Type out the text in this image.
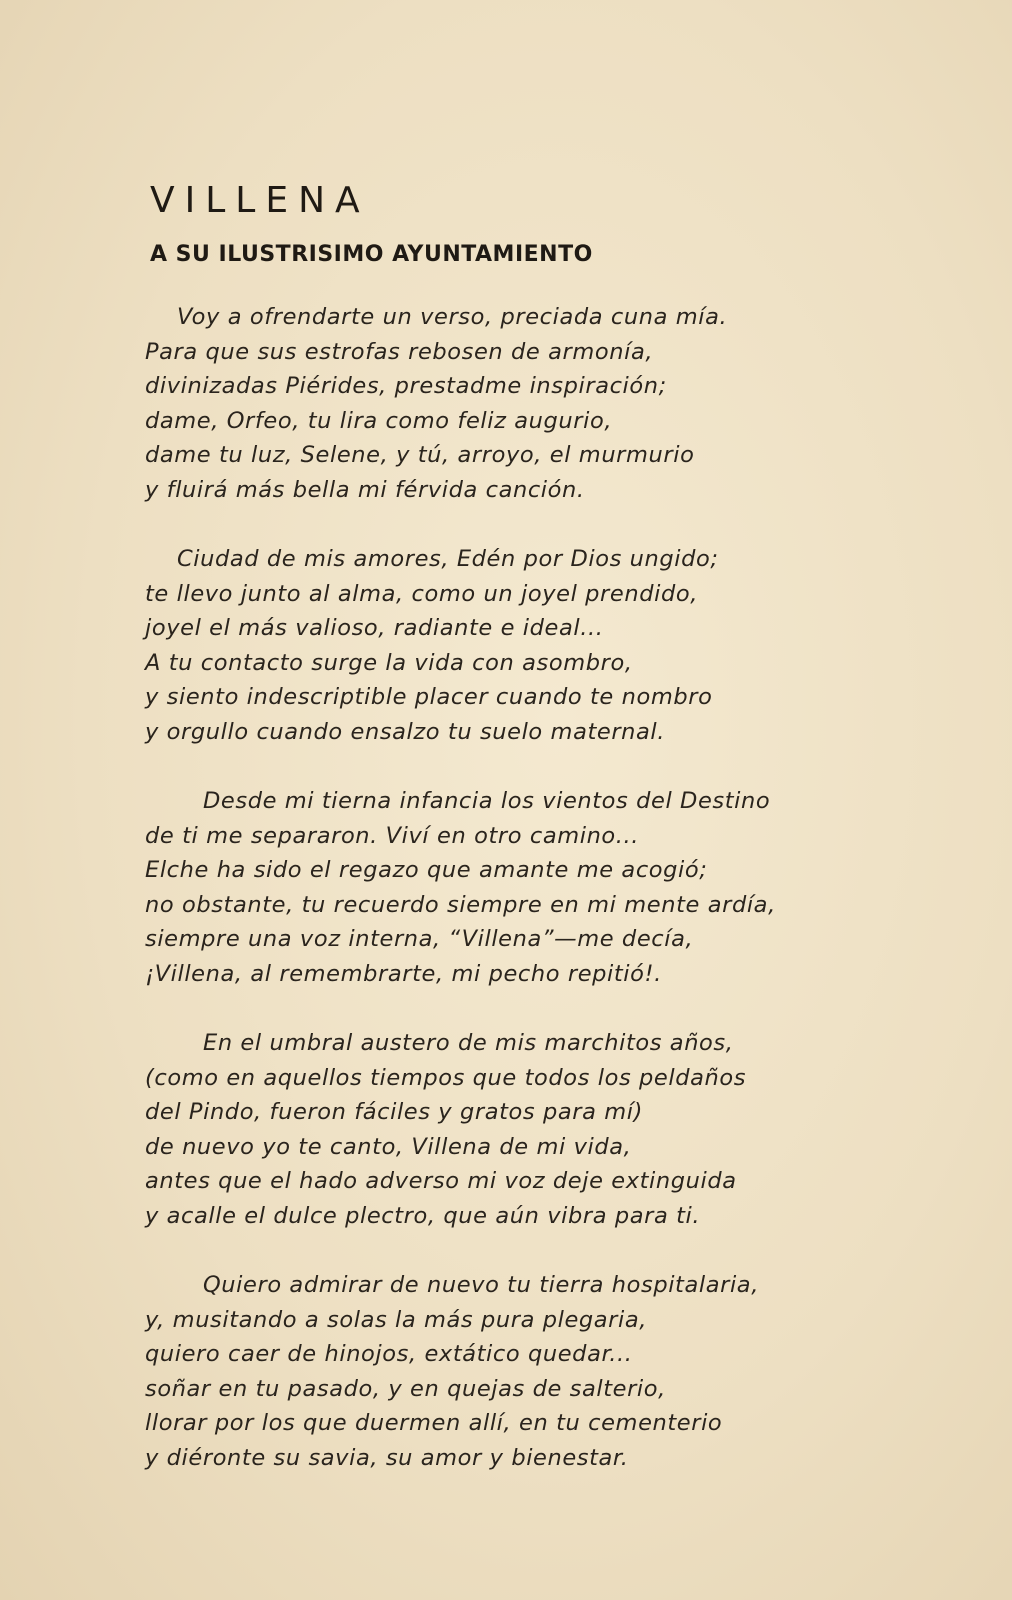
VILLENA
A SU ILUSTRISIMO AYUNTAMIENTO
Voy a ofrendarte un verso, preciada cuna mía.
Para que sus estrofas rebosen de armonía,
divinizadas Piérides, prestadme inspiración;
dame, Orfeo, tu lira como feliz augurio,
dame tu luz, Selene, y tú, arroyo, el murmurio
y fluirá más bella mi férvida canción.
Ciudad de mis amores, Edén por Dios ungido;
te llevo junto al alma, como un joyel prendido,
joyel el más valioso, radiante e ideal...
A tu contacto surge la vida con asombro,
y siento indescriptible placer cuando te nombro
y orgullo cuando ensalzo tu suelo maternal.
Desde mi tierna infancia los vientos del Destino
de ti me separaron. Viví en otro camino...
Elche ha sido el regazo que amante me acogió;
no obstante, tu recuerdo siempre en mi mente ardía,
siempre una voz interna, “Villena”—me decía,
¡Villena, al remembrarte, mi pecho repitió!.
En el umbral austero de mis marchitos años,
(como en aquellos tiempos que todos los peldaños
del Pindo, fueron fáciles y gratos para mí)
de nuevo yo te canto, Villena de mi vida,
antes que el hado adverso mi voz deje extinguida
y acalle el dulce plectro, que aún vibra para ti.
Quiero admirar de nuevo tu tierra hospitalaria,
y, musitando a solas la más pura plegaria,
quiero caer de hinojos, extático quedar...
soñar en tu pasado, y en quejas de salterio,
llorar por los que duermen allí, en tu cementerio
y diéronte su savia, su amor y bienestar.
